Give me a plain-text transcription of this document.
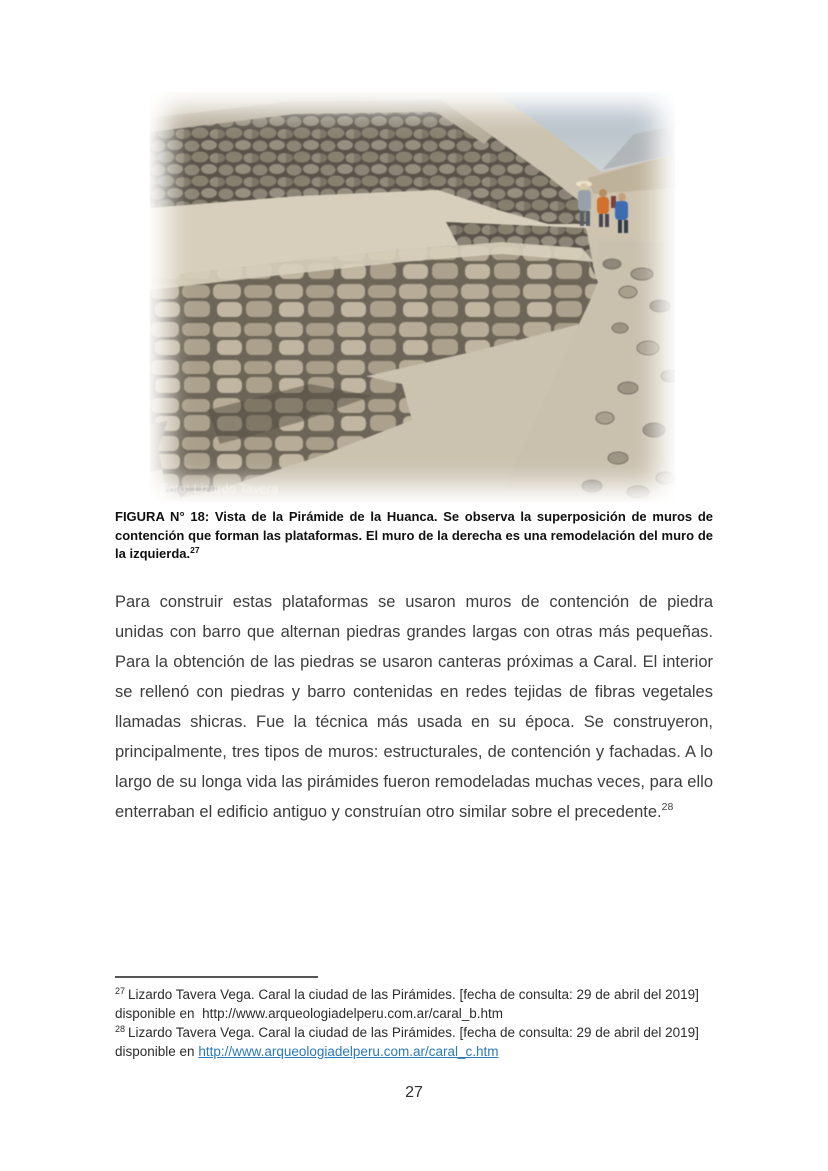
Foto: Lizardo Tavera

FIGURA N° 18: Vista de la Pirámide de la Huanca. Se observa la superposición de muros de contención que forman las plataformas. El muro de la derecha es una remodelación del muro de la izquierda.$^{27}$

Para construir estas plataformas se usaron muros de contención de piedra unidas con barro que alternan piedras grandes largas con otras más pequeñas. Para la obtención de las piedras se usaron canteras próximas a Caral. El interior se rellenó con piedras y barro contenidas en redes tejidas de fibras vegetales llamadas shicras. Fue la técnica más usada en su época. Se construyeron, principalmente, tres tipos de muros: estructurales, de contención y fachadas. A lo largo de su longa vida las pirámides fueron remodeladas muchas veces, para ello enterraban el edificio antiguo y construían otro similar sobre el precedente.$^{28}$

$^{27}$ Lizardo Tavera Vega. Caral la ciudad de las Pirámides. [fecha de consulta: 29 de abril del 2019] disponible en  http://www.arqueologiadelperu.com.ar/caral_b.htm

$^{28}$ Lizardo Tavera Vega. Caral la ciudad de las Pirámides. [fecha de consulta: 29 de abril del 2019] disponible en http://www.arqueologiadelperu.com.ar/caral_c.htm

27
